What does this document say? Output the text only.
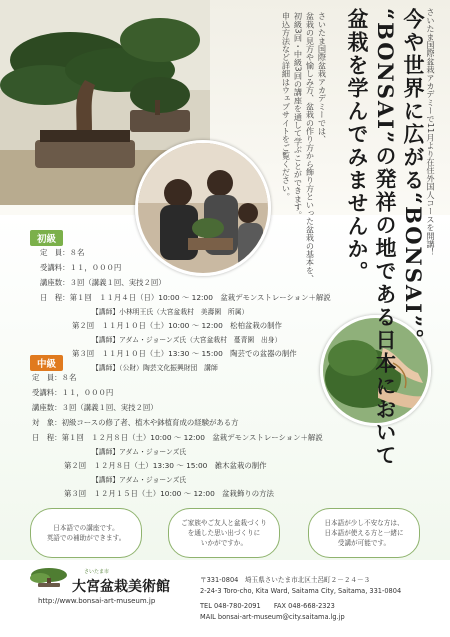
さいたま国際盆栽アカデミーで11月より在住外国人コースを開講！
今や世界に広がる“BONSAI”。
“BONSAI”の発祥の地である日本において
盆栽を学んでみませんか。
さいたま国際盆栽アカデミーでは、
盆栽の見方や愉しみ方、盆栽の作り方から飾り方といった盆栽の基本を、
初級3回・中級3回の講座を通して学ぶことができます。
申込方法など詳細はウェブサイトをご覧ください。
初級
定　員：８名
受講料：１１，０００円
講座数：３回（講義１回、実技２回）
日　程：第１回　１１月４日（日）10:00 ～ 12:00　盆栽デモンストレーション＋解説
【講師】小林明王氏（大宮盆栽村　美壽園　所属）
第２回　１１月１０日（土）10:00 ～ 12:00　松柏盆栽の制作
【講師】アダム・ジョーンズ氏（大宮盆栽村　蔓青園　出身）
第３回　１１月１０日（土）13:30 ～ 15:00　陶芸での盆器の制作
【講師】（公財）陶芸文化振興財団　講師
中級
定　員：８名
受講料：１１，０００円
講座数：３回（講義１回、実技２回）
対　象：初級コースの修了者、植木や鉢植育成の経験がある方
日　程：第１回　１２月８日（土）10:00 ～ 12:00　盆栽デモンストレーション＋解説
【講師】アダム・ジョーンズ氏
第２回　１２月８日（土）13:30 ～ 15:00　雑木盆栽の制作
【講師】アダム・ジョーンズ氏
第３回　１２月１５日（土）10:00 ～ 12:00　盆栽飾りの方法
日本語での講座です。
英語での補助ができます。
ご家族やご友人と盆栽づくり
を通した思い出づくりに
いかがですか。
日本語が少し不安な方は、
日本語が使える方と一緒に
受講が可能です。
さいたま市
大宮盆栽美術館
http://www.bonsai-art-museum.jp
〒331-0804　埼玉県さいたま市北区土呂町２－２４－３
2-24-3 Toro-cho, Kita Ward, Saitama City, Saitama, 331-0804
TEL 048-780-2091　　FAX 048-668-2323
MAIL bonsai-art-museum@city.saitama.lg.jp
